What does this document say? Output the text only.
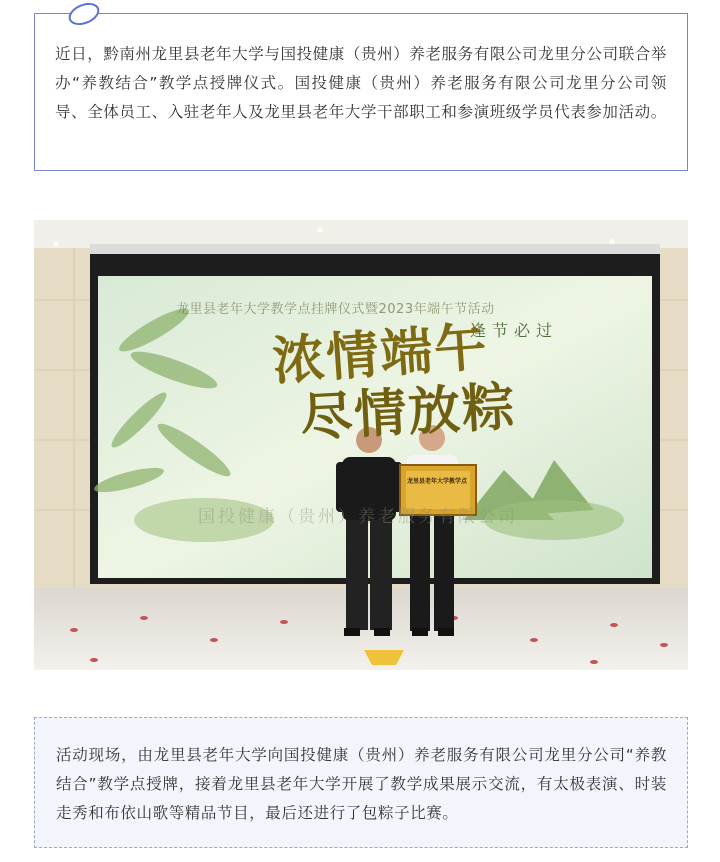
近日，黔南州龙里县老年大学与国投健康（贵州）养老服务有限公司龙里分公司联合举办“养教结合”教学点授牌仪式。国投健康（贵州）养老服务有限公司龙里分公司领导、全体员工、入驻老年人及龙里县老年大学干部职工和参演班级学员代表参加活动。
龙里县老年大学教学点挂牌仪式暨2023年端午节活动
逢节必过
浓情端午
尽情放粽
国投健康（贵州）养老服务有限公司
龙里县老年大学教学点
活动现场，由龙里县老年大学向国投健康（贵州）养老服务有限公司龙里分公司“养教结合”教学点授牌，接着龙里县老年大学开展了教学成果展示交流，有太极表演、时装走秀和布依山歌等精品节目，最后还进行了包粽子比赛。
